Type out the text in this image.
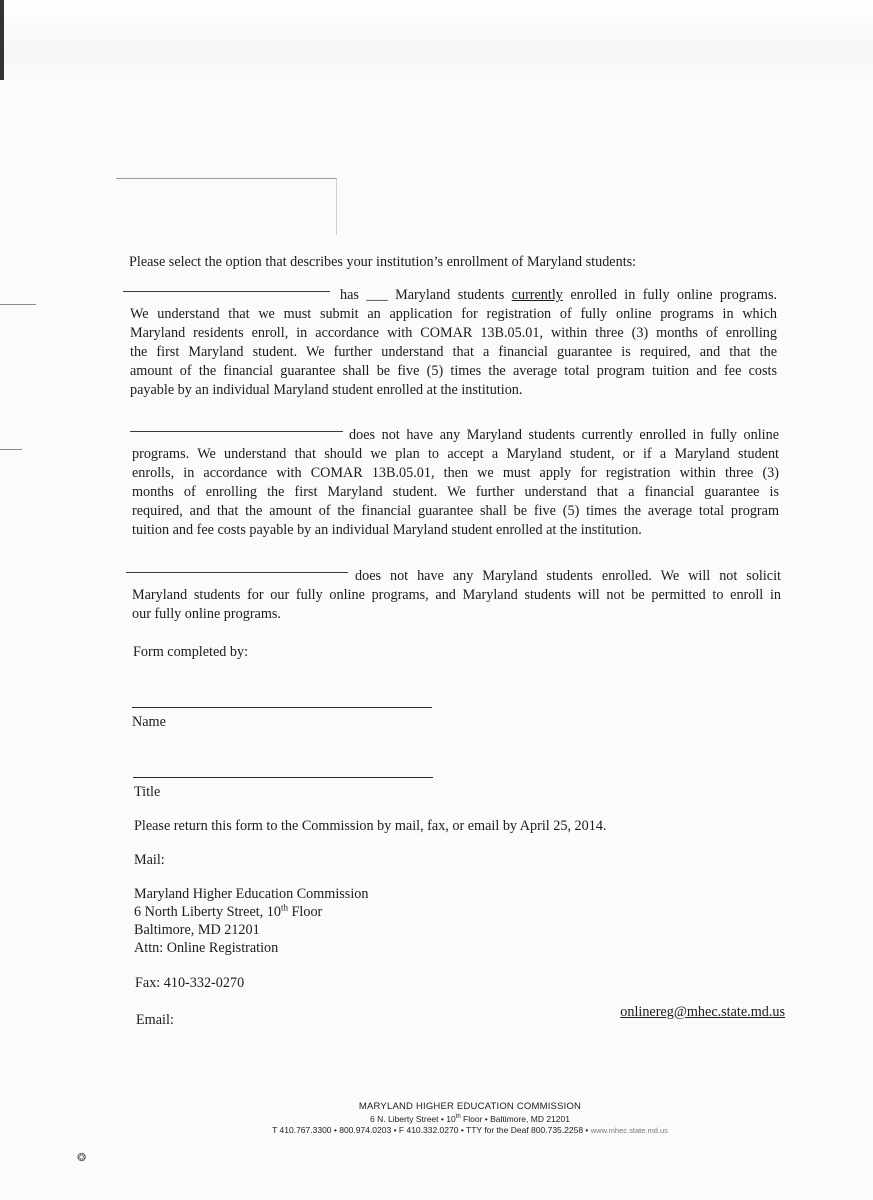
Please select the option that describes your institution’s enrollment of Maryland students:
has ___ Maryland students currently enrolled in fully online programs.
We understand that we must submit an application for registration of fully online programs in which
Maryland residents enroll, in accordance with COMAR 13B.05.01, within three (3) months of enrolling
the first Maryland student. We further understand that a financial guarantee is required, and that the
amount of the financial guarantee shall be five (5) times the average total program tuition and fee costs
payable by an individual Maryland student enrolled at the institution.
does not have any Maryland students currently enrolled in fully online
programs. We understand that should we plan to accept a Maryland student, or if a Maryland student
enrolls, in accordance with COMAR 13B.05.01, then we must apply for registration within three (3)
months of enrolling the first Maryland student. We further understand that a financial guarantee is
required, and that the amount of the financial guarantee shall be five (5) times the average total program
tuition and fee costs payable by an individual Maryland student enrolled at the institution.
does not have any Maryland students enrolled. We will not solicit
Maryland students for our fully online programs, and Maryland students will not be permitted to enroll in
our fully online programs.
Form completed by:
Name
Title
Please return this form to the Commission by mail, fax, or email by April 25, 2014.
Mail:
Maryland Higher Education Commission
6 North Liberty Street, 10th Floor
Baltimore, MD 21201
Attn: Online Registration
Fax: 410-332-0270
Email:	onlinereg@mhec.state.md.us
MARYLAND HIGHER EDUCATION COMMISSION
6 N. Liberty Street • 10th Floor • Baltimore, MD 21201
T 410.767.3300 • 800.974.0203 • F 410.332.0270 • TTY for the Deaf 800.735.2258 • www.mhec.state.md.us
❂
